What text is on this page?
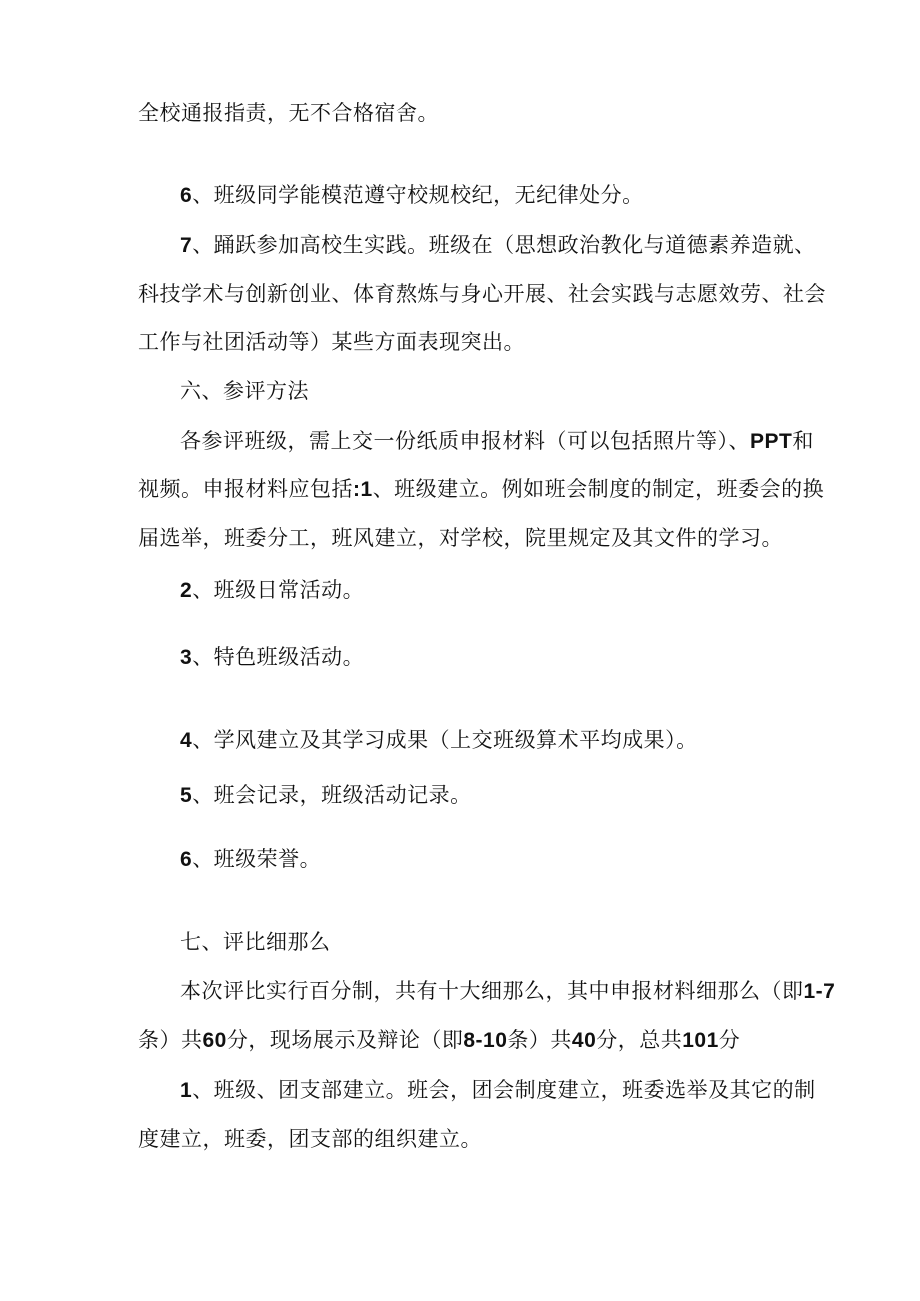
全校通报指责，无不合格宿舍。
6、班级同学能模范遵守校规校纪，无纪律处分。
7、踊跃参加高校生实践。班级在（思想政治教化与道德素养造就、
科技学术与创新创业、体育熬炼与身心开展、社会实践与志愿效劳、社会
工作与社团活动等）某些方面表现突出。
六、参评方法
各参评班级，需上交一份纸质申报材料（可以包括照片等）、PPT和
视频。申报材料应包括:1、班级建立。例如班会制度的制定，班委会的换
届选举，班委分工，班风建立，对学校，院里规定及其文件的学习。
2、班级日常活动。
3、特色班级活动。
4、学风建立及其学习成果（上交班级算术平均成果）。
5、班会记录，班级活动记录。
6、班级荣誉。
七、评比细那么
本次评比实行百分制，共有十大细那么，其中申报材料细那么（即1-7
条）共60分，现场展示及辩论（即8-10条）共40分，总共101分
1、班级、团支部建立。班会，团会制度建立，班委选举及其它的制
度建立，班委，团支部的组织建立。
